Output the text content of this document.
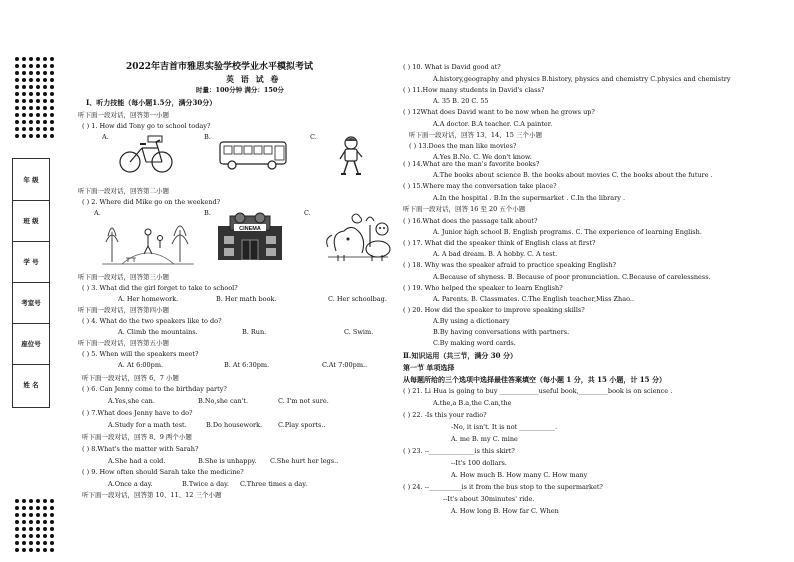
年 级
班 级
学 号
考室号
座位号
姓 名
2022年吉首市雅思实验学校学业水平模拟考试
英 语 试 卷
时量：100分钟 满分：150分
I、听力技能（每小题1.5分，满分30分）
听下面一段对话，回答第一小题
( ) 1. How did Tony go to school today?
A.	B.	C.
听下面一段对话，回答第二小题
( ) 2. Where did Mike go on the weekend?
A.	B.	C.
CINEMA
听下面一段对话，回答第三小题
( ) 3. What did the girl forget to take to school?
A. Her homework.	B. Her math book.	C. Her schoolbag.
听下面一段对话，回答第四小题
( ) 4. What do the two speakers like to do?
A. Climb the mountains.	B. Run.	C. Swim.
听下面一段对话，回答第五小题
( ) 5. When will the speakers meet?
A. At 6:00pm.	B. At 6:30pm.	C.At 7:00pm..
听下面一段对话，回答 6、7 小题
( ) 6. Can Jenny come to the birthday party?
A.Yes,she can.	B.No,she can't.	C. I'm not sure.
( ) 7.What does Jenny have to do?
A.Study for a math test.	B.Do housework. C.Play sports..
听下面一段对话，回答 8、9 两个小题
( ) 8.What's the matter with Sarah?
A.She had a cold.	B.She is unhappy. C.She hurt her legs..
( ) 9. How often should Sarah take the medicine?
A.Once a day.	B.Twice a day. C.Three times a day.
听下面一段对话，回答第 10、11、12 三个小题
( ) 10. What is David good at?
A.history,geography and physics B.history, physics and chemistry C.physics and chemistry
( ) 11.How many students in David's class?
A. 35 B. 20 C. 55
( ) 12What does David want to be now when he grows up?
A.A doctor. B.A teacher. C.A painter.
听下面一段对话，回答 13、14、15 三个小题
( ) 13.Does the man like movies?
A.Yes B.No. C. We don't know.
( ) 14.What are the man's favorite books?
A.The books about science B. the books about movies C. the books about the future .
( ) 15.Where may the conversation take place?
A.In the hospital . B.In the supermarket . C.In the library .
听下面一段对话，回答 16 至 20 五个小题
( ) 16.What does the passage talk about?
A. Junior high school B. English programs. C. The experience of learning English.
( ) 17. What did the speaker think of English class at first?
A. A bad dream. B. A hobby. C. A test.
( ) 18. Why was the speaker afraid to practice speaking English?
A.Because of shyness. B. Because of poor pronunciation. C.Because of carelessness.
( ) 19. Who helped the speaker to learn English?
A. Parents. B. Classmates. C.The English teacher,Miss Zhao..
( ) 20. How did the speaker to improve speaking skills?
A.By using a dictionary
B.By having conversations with partners.
C.By making word cards.
Ⅱ.知识运用（共三节，满分 30 分）
第一节 单项选择
从每题所给的三个选项中选择最佳答案填空（每小题 1 分，共 15 小题，计 15 分）
( ) 21. Li Hua is going to buy ____________useful book,_________book is on science .
A.the,a B.a,the C.an,the
( ) 22. -Is this your radio?
-No, it isn't. It is not ___________.
A. me B. my C. mine
( ) 23. --______________is this skirt?
--It's 100 dollars.
A. How much B. How many C. How many
( ) 24. --__________is it from the bus stop to the supermarket?
--It's about 30minutes' ride.
A. How long B. How far C. When
